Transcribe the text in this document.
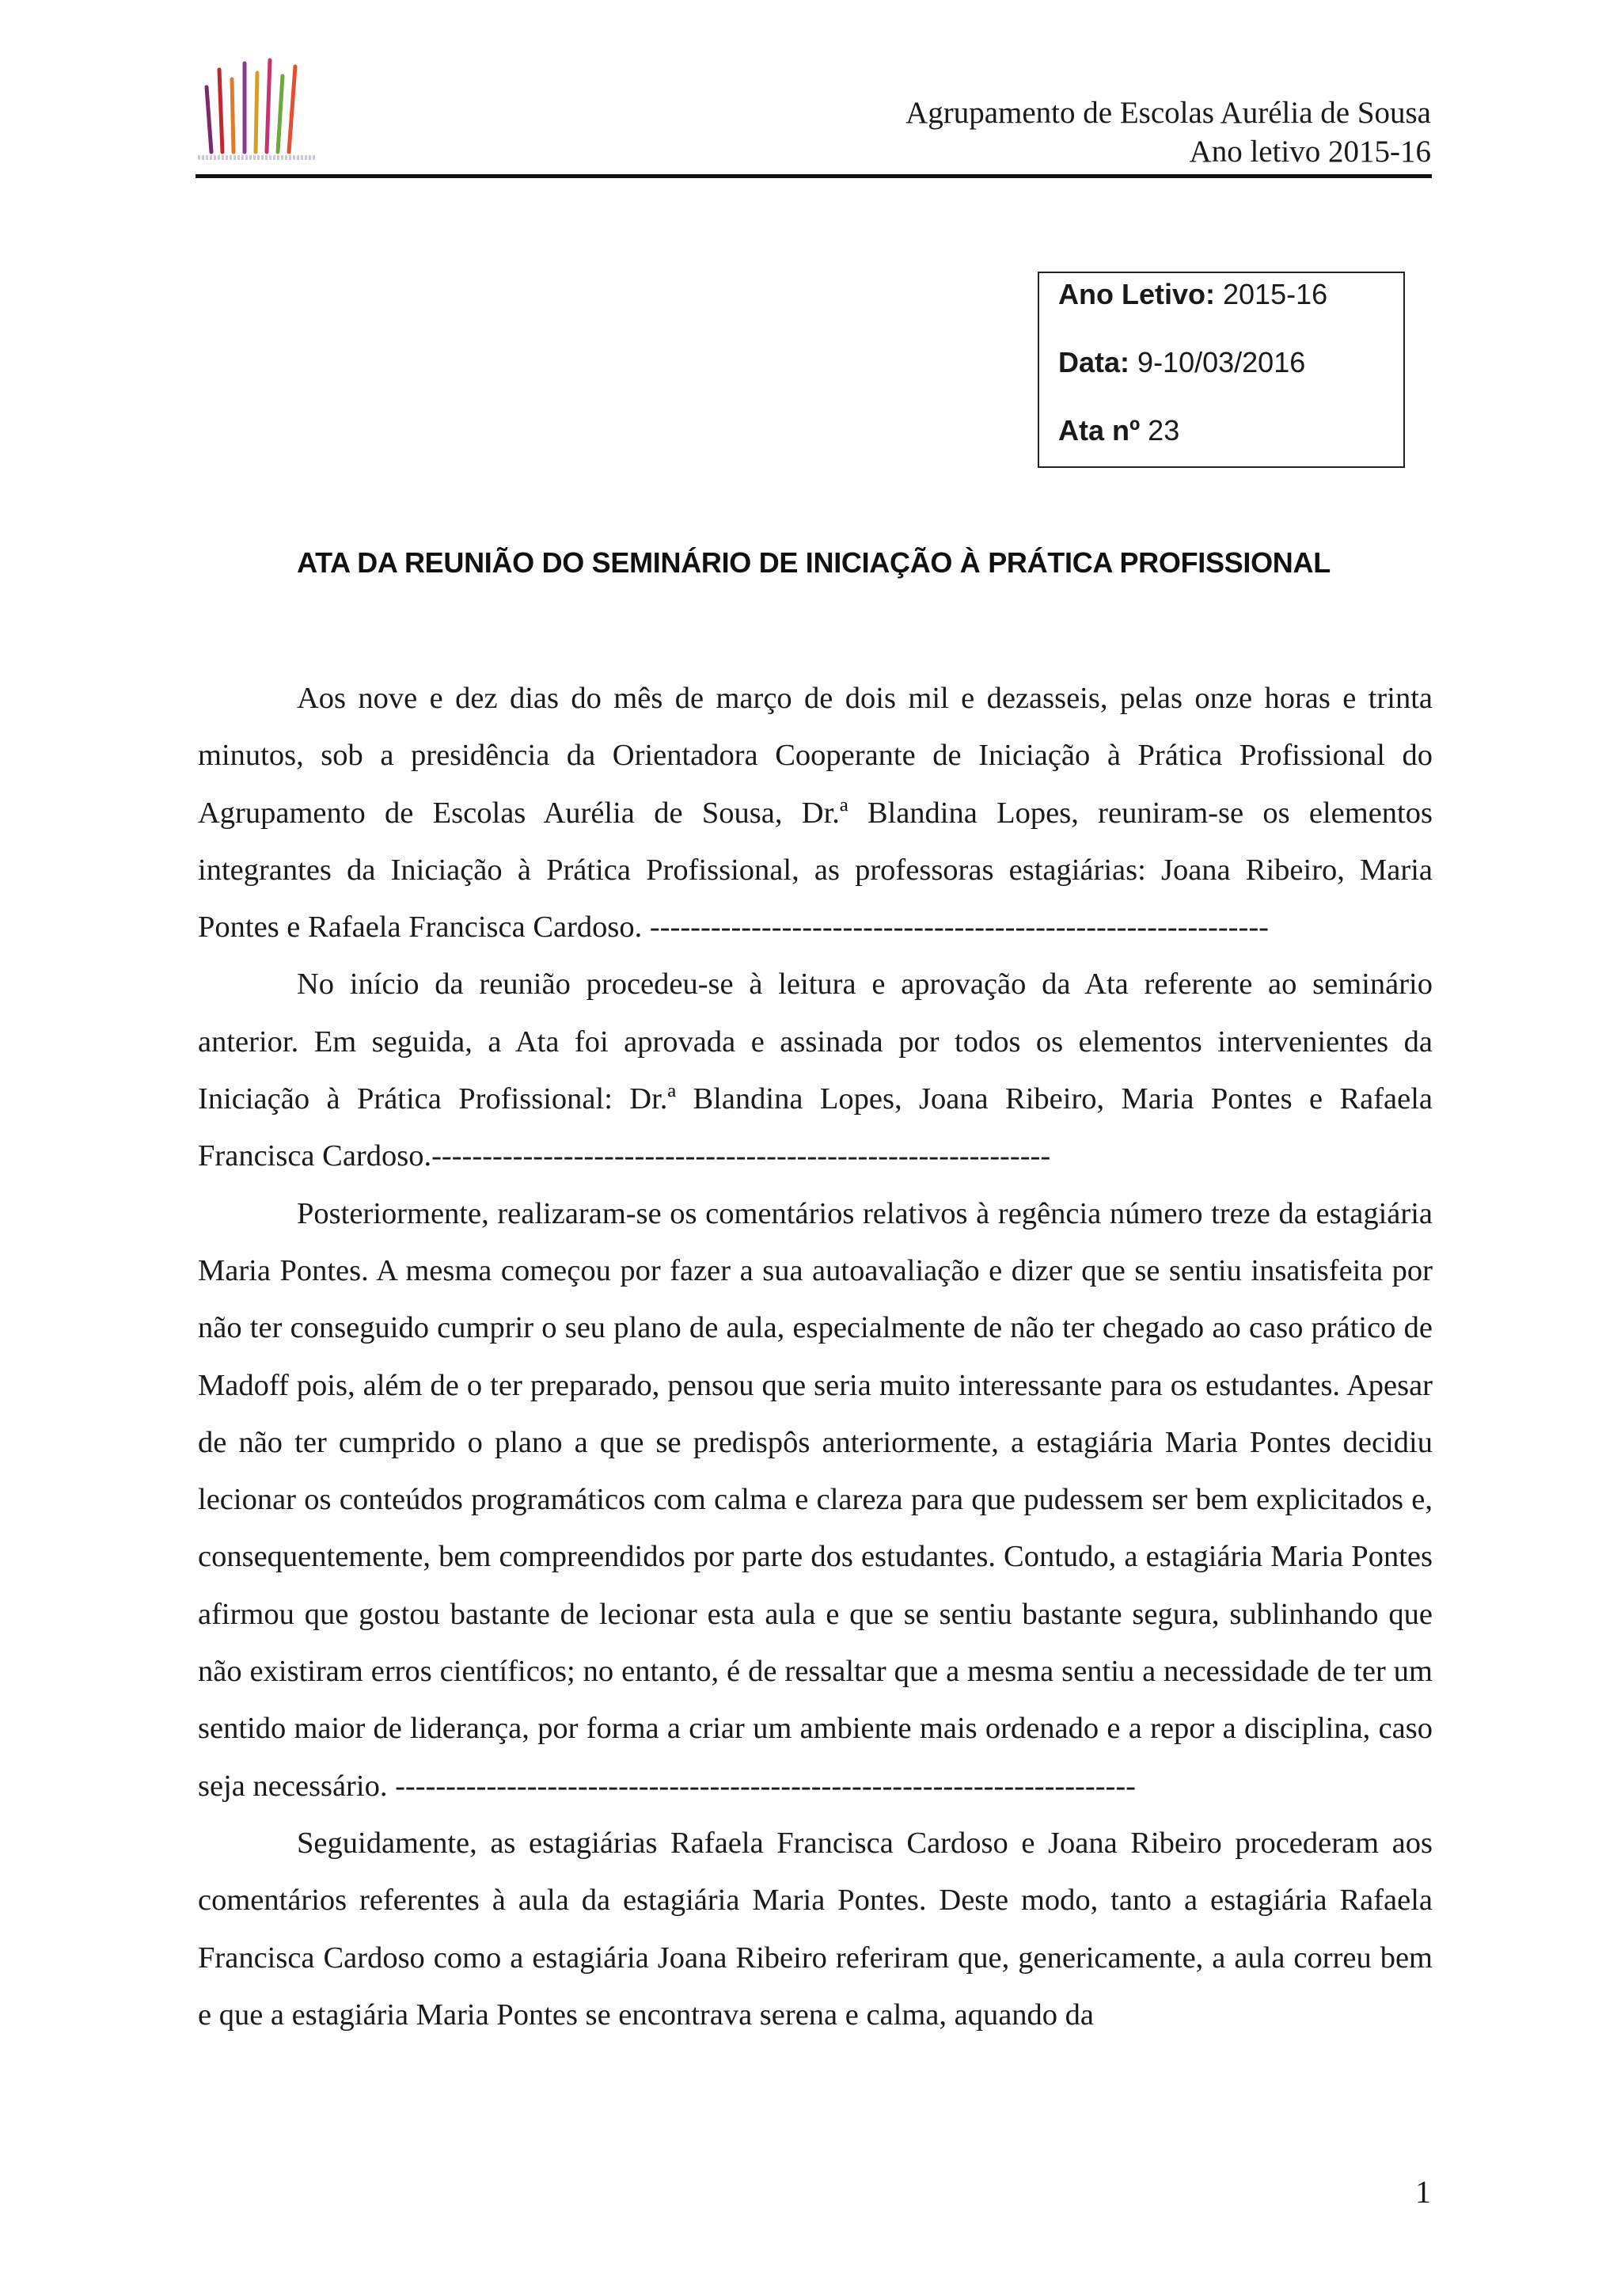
Agrupamento de Escolas Aurélia de Sousa
Ano letivo 2015-16
Ano Letivo: 2015-16
Data: 9-10/03/2016
Ata nº 23
ATA DA REUNIÃO DO SEMINÁRIO DE INICIAÇÃO À PRÁTICA PROFISSIONAL

Aos nove e dez dias do mês de março de dois mil e dezasseis, pelas onze horas e trinta minutos, sob a presidência da Orientadora Cooperante de Iniciação à Prática Profissional do Agrupamento de Escolas Aurélia de Sousa, Dr.ª Blandina Lopes, reuniram-se os elementos integrantes da Iniciação à Prática Profissional, as professoras estagiárias: Joana Ribeiro, Maria Pontes e Rafaela Francisca Cardoso. -------------------------------------------------------------

No início da reunião procedeu-se à leitura e aprovação da Ata referente ao seminário anterior. Em seguida, a Ata foi aprovada e assinada por todos os elementos intervenientes da Iniciação à Prática Profissional: Dr.ª Blandina Lopes, Joana Ribeiro, Maria Pontes e Rafaela Francisca Cardoso.-------------------------------------------------------------

Posteriormente, realizaram-se os comentários relativos à regência número treze da estagiária Maria Pontes. A mesma começou por fazer a sua autoavaliação e dizer que se sentiu insatisfeita por não ter conseguido cumprir o seu plano de aula, especialmente de não ter chegado ao caso prático de Madoff pois, além de o ter preparado, pensou que seria muito interessante para os estudantes. Apesar de não ter cumprido o plano a que se predispôs anteriormente, a estagiária Maria Pontes decidiu lecionar os conteúdos programáticos com calma e clareza para que pudessem ser bem explicitados e, consequentemente, bem compreendidos por parte dos estudantes. Contudo, a estagiária Maria Pontes afirmou que gostou bastante de lecionar esta aula e que se sentiu bastante segura, sublinhando que não existiram erros científicos; no entanto, é de ressaltar que a mesma sentiu a necessidade de ter um sentido maior de liderança, por forma a criar um ambiente mais ordenado e a repor a disciplina, caso seja necessário. -------------------------------------------------------------------------

Seguidamente, as estagiárias Rafaela Francisca Cardoso e Joana Ribeiro procederam aos comentários referentes à aula da estagiária Maria Pontes. Deste modo, tanto a estagiária Rafaela Francisca Cardoso como a estagiária Joana Ribeiro referiram que, genericamente, a aula correu bem e que a estagiária Maria Pontes se encontrava serena e calma, aquando da

1
